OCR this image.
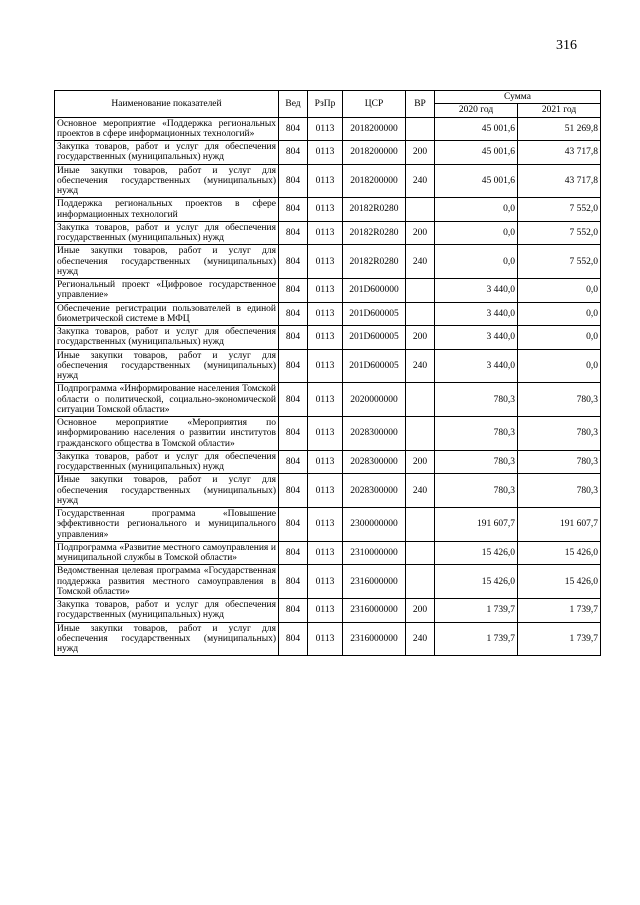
316
Наименование показателей	Вед	РзПр	ЦСР	ВР	Сумма	
					2020 год	2021 год
Основное мероприятие «Поддержка региональных проектов в сфере информационных технологий»	804	0113	2018200000		45 001,6	51 269,8
Закупка товаров, работ и услуг для обеспечения государственных (муниципальных) нужд	804	0113	2018200000	200	45 001,6	43 717,8
Иные закупки товаров, работ и услуг для обеспечения государственных (муниципальных) нужд	804	0113	2018200000	240	45 001,6	43 717,8
Поддержка региональных проектов в сфере информационных технологий	804	0113	20182R0280		0,0	7 552,0
Закупка товаров, работ и услуг для обеспечения государственных (муниципальных) нужд	804	0113	20182R0280	200	0,0	7 552,0
Иные закупки товаров, работ и услуг для обеспечения государственных (муниципальных) нужд	804	0113	20182R0280	240	0,0	7 552,0
Региональный проект «Цифровое государственное управление»	804	0113	201D600000		3 440,0	0,0
Обеспечение регистрации пользователей в единой биометрической системе в МФЦ	804	0113	201D600005		3 440,0	0,0
Закупка товаров, работ и услуг для обеспечения государственных (муниципальных) нужд	804	0113	201D600005	200	3 440,0	0,0
Иные закупки товаров, работ и услуг для обеспечения государственных (муниципальных) нужд	804	0113	201D600005	240	3 440,0	0,0
Подпрограмма «Информирование населения Томской области о политической, социально-экономической ситуации Томской области»	804	0113	2020000000		780,3	780,3
Основное мероприятие «Мероприятия по информированию населения о развитии институтов гражданского общества в Томской области»	804	0113	2028300000		780,3	780,3
Закупка товаров, работ и услуг для обеспечения государственных (муниципальных) нужд	804	0113	2028300000	200	780,3	780,3
Иные закупки товаров, работ и услуг для обеспечения государственных (муниципальных) нужд	804	0113	2028300000	240	780,3	780,3
Государственная программа «Повышение эффективности регионального и муниципального управления»	804	0113	2300000000		191 607,7	191 607,7
Подпрограмма «Развитие местного самоуправления и муниципальной службы в Томской области»	804	0113	2310000000		15 426,0	15 426,0
Ведомственная целевая программа «Государственная поддержка развития местного самоуправления в Томской области»	804	0113	2316000000		15 426,0	15 426,0
Закупка товаров, работ и услуг для обеспечения государственных (муниципальных) нужд	804	0113	2316000000	200	1 739,7	1 739,7
Иные закупки товаров, работ и услуг для обеспечения государственных (муниципальных) нужд	804	0113	2316000000	240	1 739,7	1 739,7
